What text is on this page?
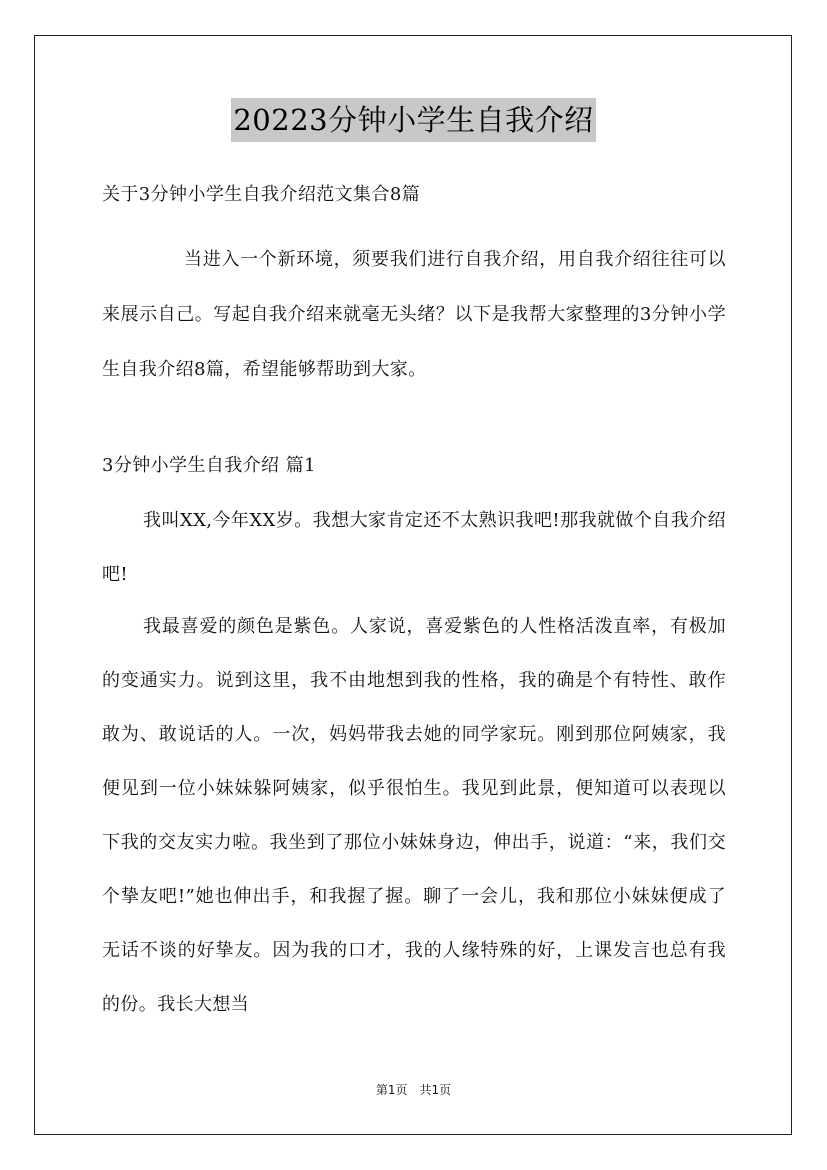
20223分钟小学生自我介绍

关于3分钟小学生自我介绍范文集合8篇

当进入一个新环境，须要我们进行自我介绍，用自我介绍往往可以来展示自己。写起自我介绍来就毫无头绪？以下是我帮大家整理的3分钟小学生自我介绍8篇，希望能够帮助到大家。

3分钟小学生自我介绍 篇1

我叫XX,今年XX岁。我想大家肯定还不太熟识我吧!那我就做个自我介绍吧!

我最喜爱的颜色是紫色。人家说，喜爱紫色的人性格活泼直率，有极加的变通实力。说到这里，我不由地想到我的性格，我的确是个有特性、敢作敢为、敢说话的人。一次，妈妈带我去她的同学家玩。刚到那位阿姨家，我便见到一位小妹妹躲阿姨家，似乎很怕生。我见到此景，便知道可以表现以下我的交友实力啦。我坐到了那位小妹妹身边，伸出手，说道：“来，我们交个挚友吧!”她也伸出手，和我握了握。聊了一会儿，我和那位小妹妹便成了无话不谈的好挚友。因为我的口才，我的人缘特殊的好，上课发言也总有我的份。我长大想当

第1页　共1页
